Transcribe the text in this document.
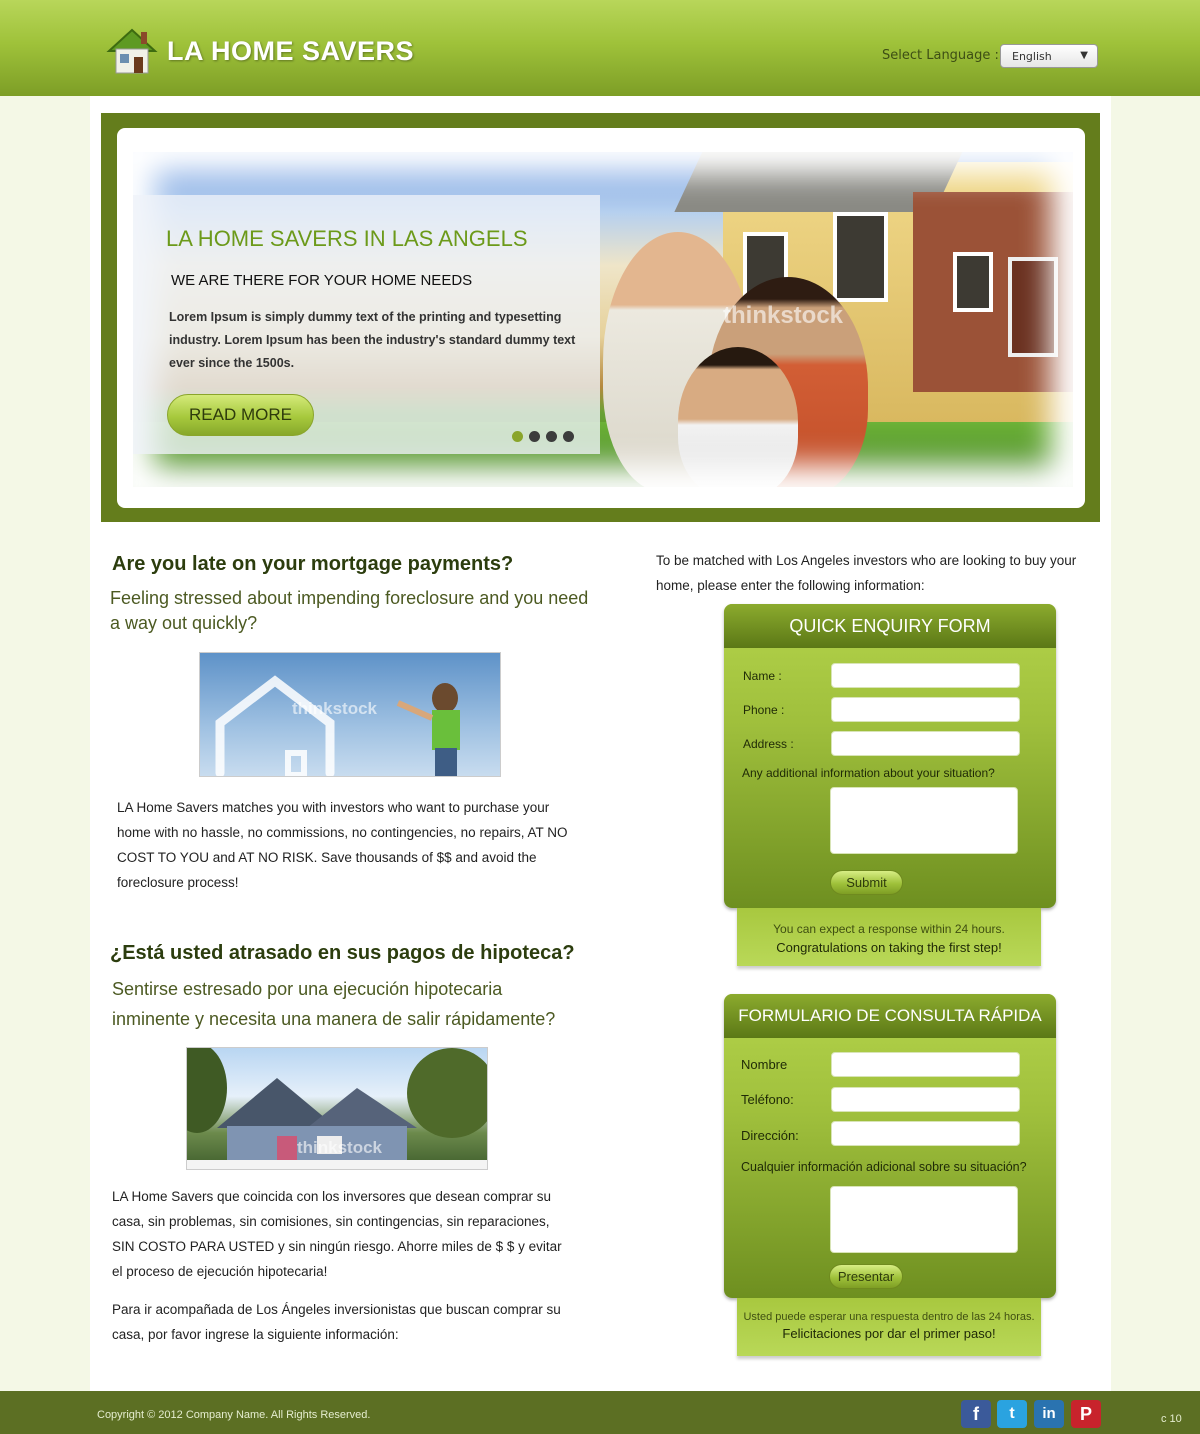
LA HOME SAVERS	Select Language :	English	▼
thinkstock
LA HOME SAVERS IN LAS ANGELS
WE ARE THERE FOR YOUR HOME NEEDS
Lorem Ipsum is simply dummy text of the printing and typesetting industry. Lorem Ipsum has been the industry's standard dummy text ever since the 1500s.
READ MORE
Are you late on your mortgage payments?
Feeling stressed about impending foreclosure and you need a way out quickly?
thinkstock
LA Home Savers matches you with investors who want to purchase your home with no hassle, no commissions, no contingencies, no repairs, AT NO COST TO YOU and AT NO RISK. Save thousands of $$ and avoid the foreclosure process!
¿Está usted atrasado en sus pagos de hipoteca?
Sentirse estresado por una ejecución hipotecaria inminente y necesita una manera de salir rápidamente?
thinkstock
LA Home Savers que coincida con los inversores que desean comprar su casa, sin problemas, sin comisiones, sin contingencias, sin reparaciones, SIN COSTO PARA USTED y sin ningún riesgo. Ahorre miles de $ $ y evitar el proceso de ejecución hipotecaria!
Para ir acompañada de Los Ángeles inversionistas que buscan comprar su casa, por favor ingrese la siguiente información:
To be matched with Los Angeles investors who are looking to buy your home, please enter the following information:
QUICK ENQUIRY FORM
Name :
Phone :
Address :
Any additional information about your situation?
Submit
You can expect a response within 24 hours.
Congratulations on taking the first step!
FORMULARIO DE CONSULTA RÁPIDA
Nombre
Teléfono:
Dirección:
Cualquier información adicional sobre su situación?
Presentar
Usted puede esperar una respuesta dentro de las 24 horas.
Felicitaciones por dar el primer paso!
Copyright © 2012 Company Name. All Rights Reserved.	f	t	in	P	c 10
